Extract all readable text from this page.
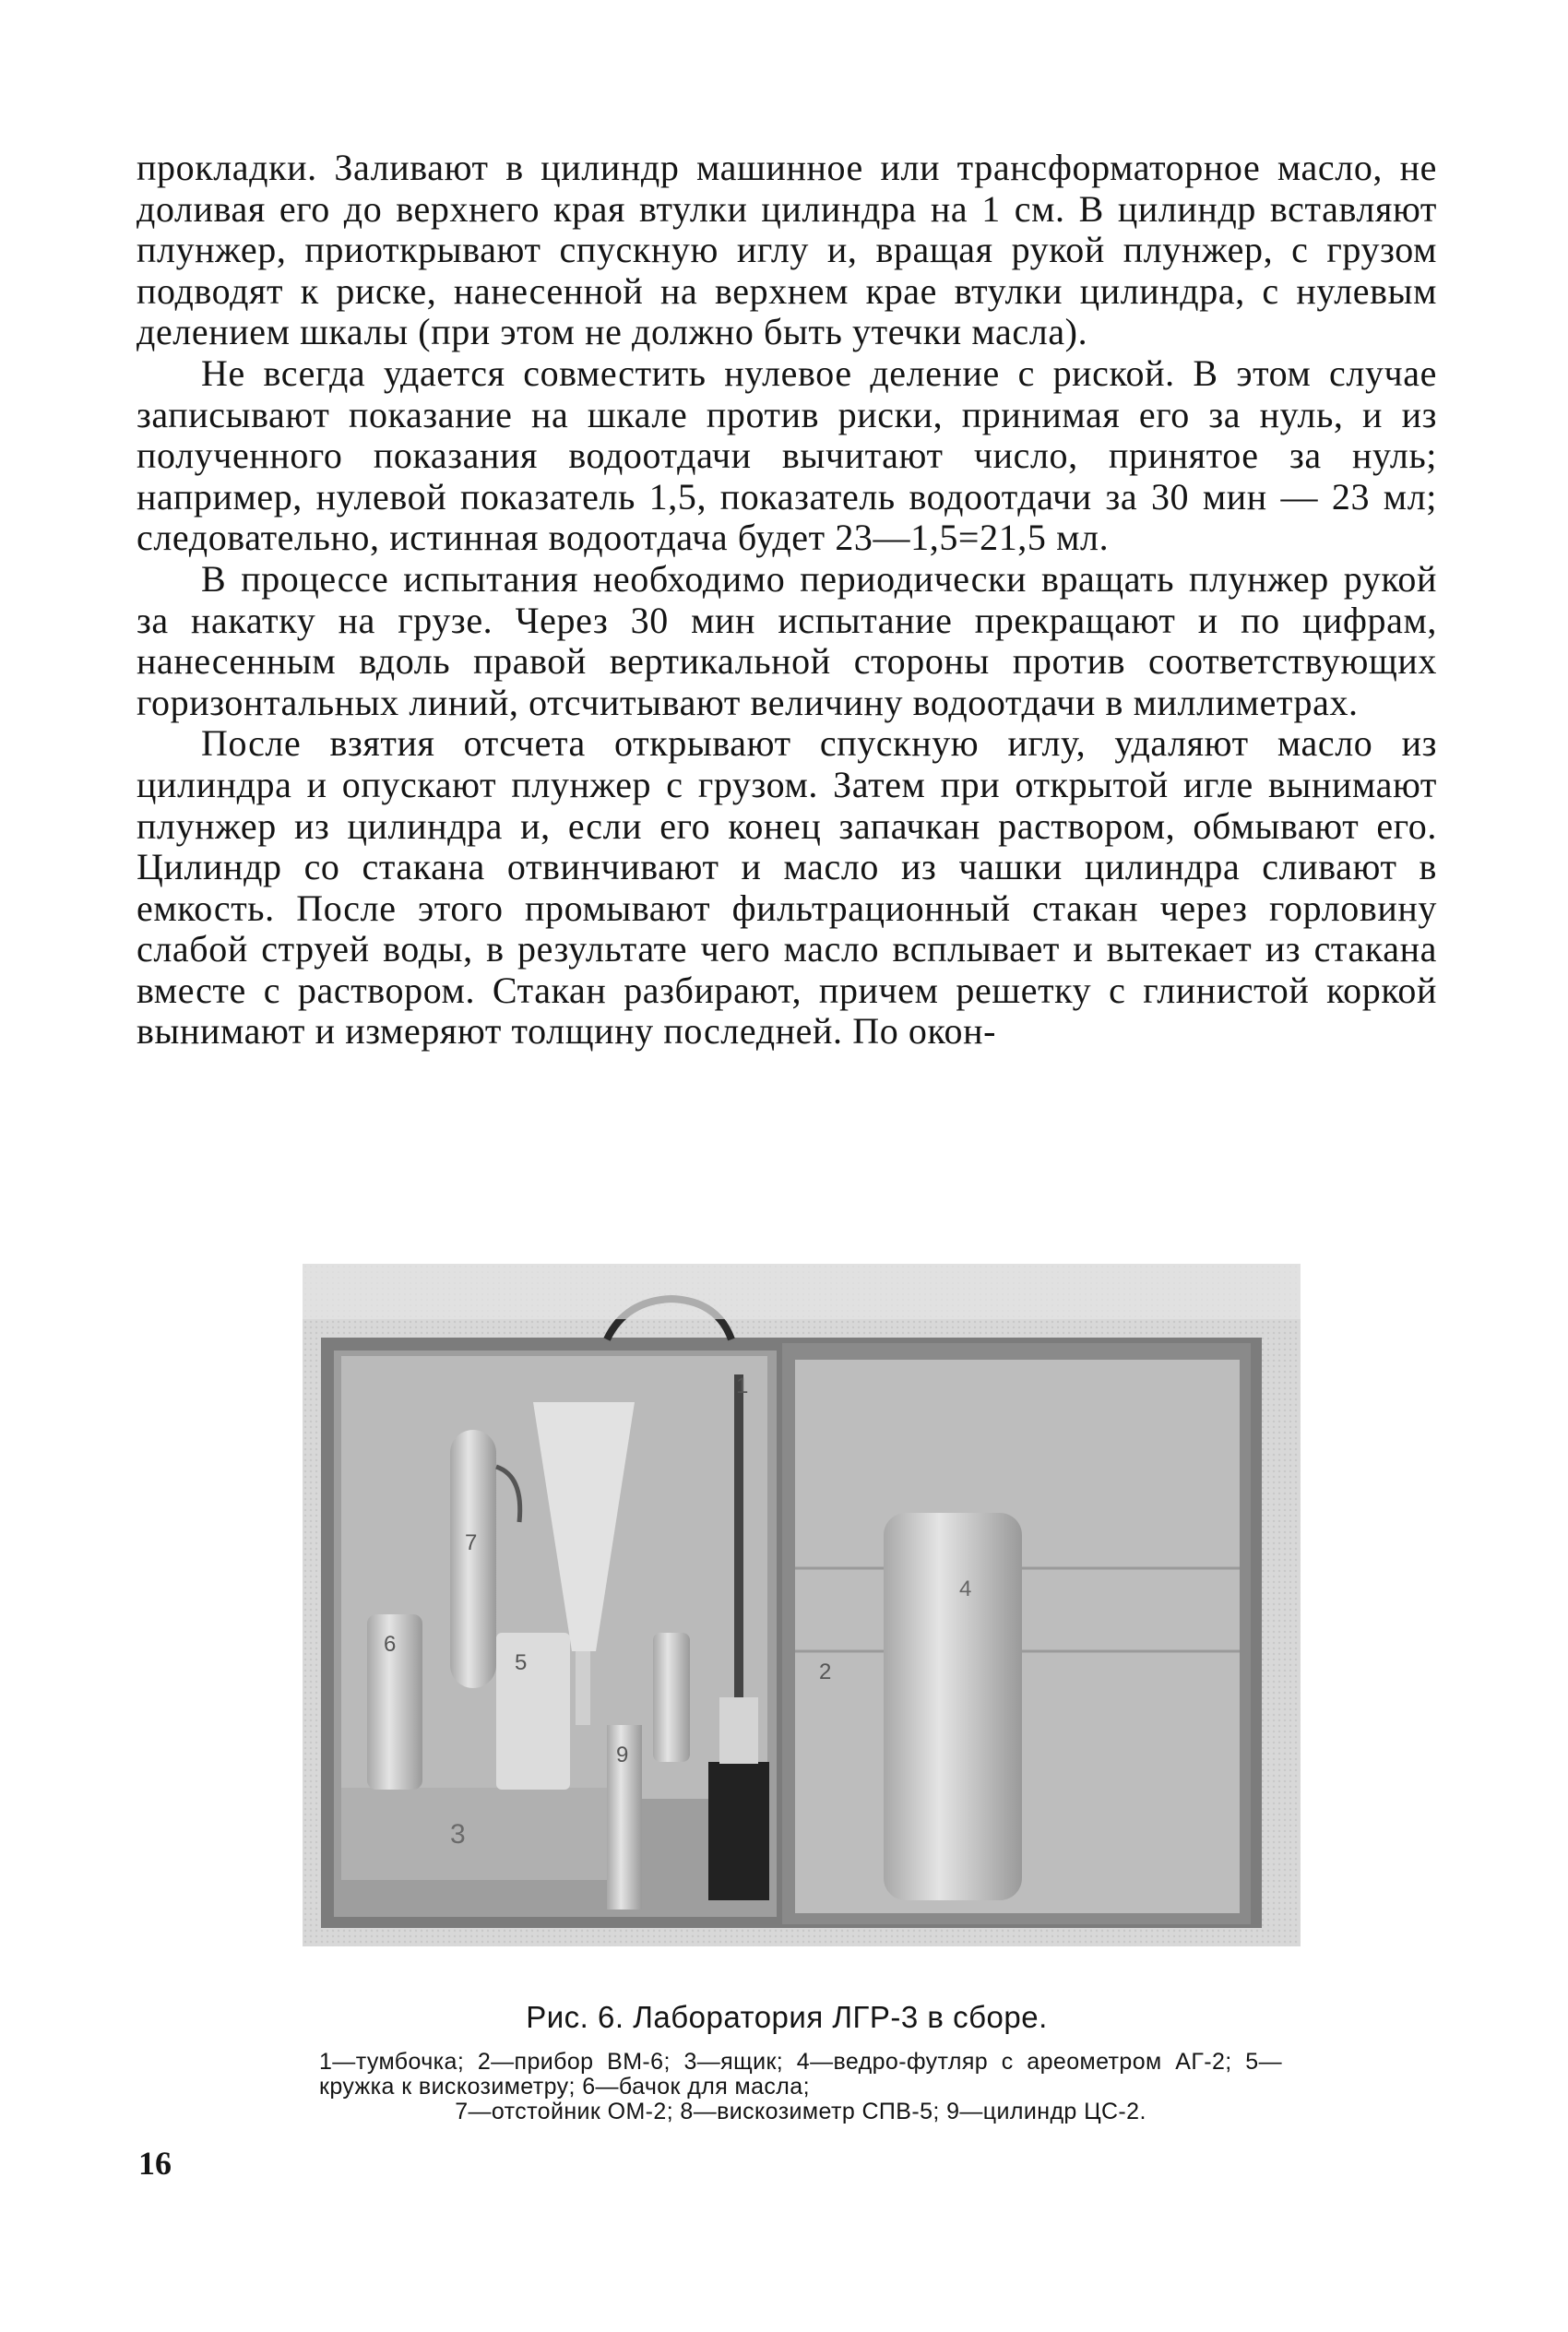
прокладки. Заливают в цилиндр машинное или трансформаторное масло, не доливая его до верхнего края втулки цилиндра на 1 см. В цилиндр вставляют плунжер, приоткрывают спускную иглу и, вращая рукой плунжер, с грузом подводят к риске, нанесенной на верхнем крае втулки цилиндра, с нулевым делением шкалы (при этом не должно быть утечки масла).

Не всегда удается совместить нулевое деление с риской. В этом случае записывают показание на шкале против риски, принимая его за нуль, и из полученного показания водоотдачи вычитают число, принятое за нуль; например, нулевой показатель 1,5, показатель водоотдачи за 30 мин — 23 мл; следовательно, истинная водоотдача будет 23—1,5=21,5 мл.

В процессе испытания необходимо периодически вращать плунжер рукой за накатку на грузе. Через 30 мин испытание прекращают и по цифрам, нанесенным вдоль правой вертикальной стороны против соответствующих горизонтальных линий, отсчитывают величину водоотдачи в миллиметрах.

После взятия отсчета открывают спускную иглу, удаляют масло из цилиндра и опускают плунжер с грузом. Затем при открытой игле вынимают плунжер из цилиндра и, если его конец запачкан раствором, обмывают его. Цилиндр со стакана отвинчивают и масло из чашки цилиндра сливают в емкость. После этого промывают фильтрационный стакан через горловину слабой струей воды, в результате чего масло всплывает и вытекает из стакана вместе с раствором. Стакан разбирают, причем решетку с глинистой коркой вынимают и измеряют толщину последней. По окон-

3
6
7
5
9
2
1
4
Рис. 6. Лаборатория ЛГР-3 в сборе.
1—тумбочка; 2—прибор ВМ-6; 3—ящик; 4—ведро-футляр с ареометром АГ-2; 5—кружка к вискозиметру; 6—бачок для масла;
7—отстойник ОМ-2; 8—вискозиметр СПВ-5; 9—цилиндр ЦС-2.
16
